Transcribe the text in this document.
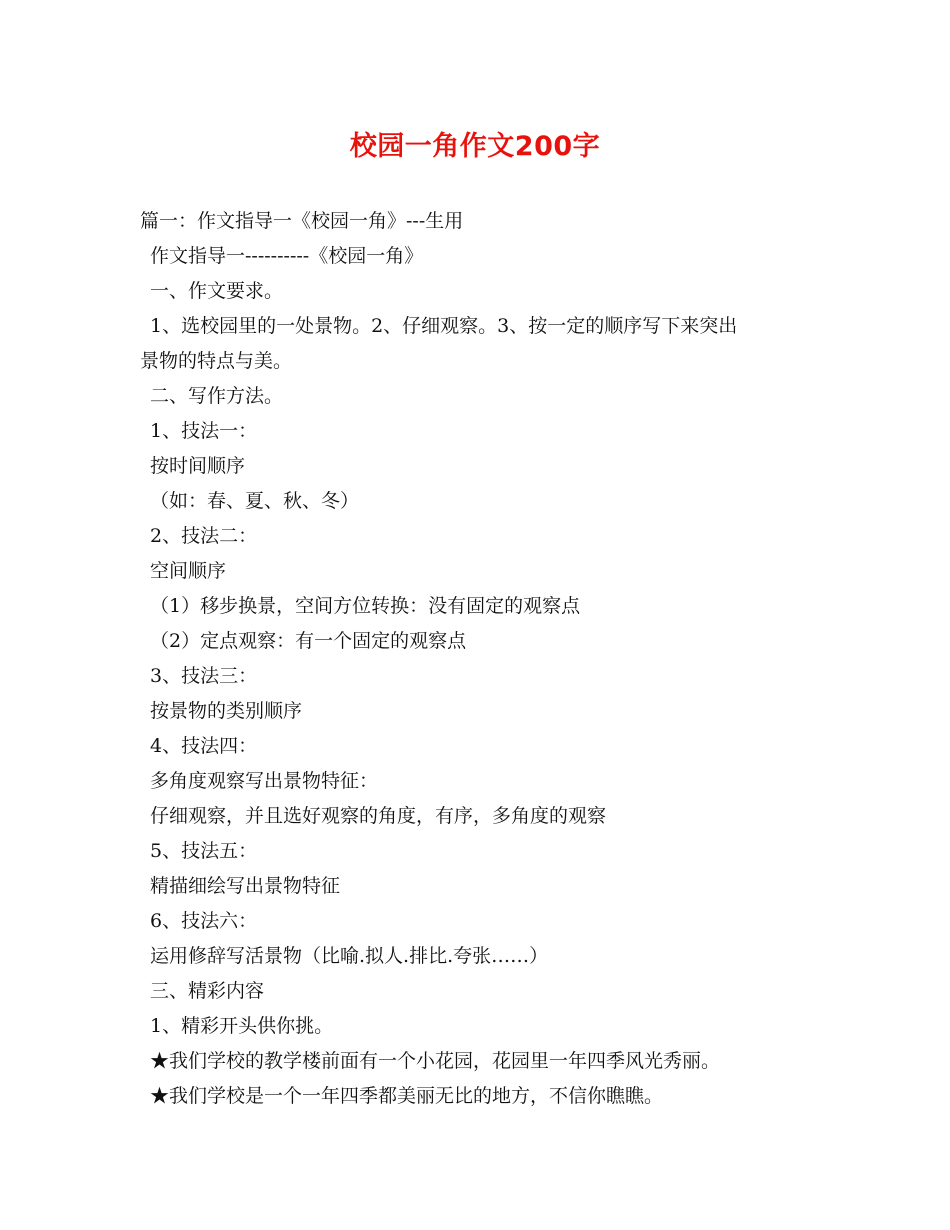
校园一角作文200字
篇一：作文指导一《校园一角》---生用
作文指导一----------《校园一角》
一、作文要求。
1、选校园里的一处景物。2、仔细观察。3、按一定的顺序写下来突出
景物的特点与美。
二、写作方法。
1、技法一：
按时间顺序
（如：春、夏、秋、冬）
2、技法二：
空间顺序
（1）移步换景，空间方位转换：没有固定的观察点
（2）定点观察：有一个固定的观察点
3、技法三：
按景物的类别顺序
4、技法四：
多角度观察写出景物特征：
仔细观察，并且选好观察的角度，有序，多角度的观察
5、技法五：
精描细绘写出景物特征
6、技法六：
运用修辞写活景物（比喻.拟人.排比.夸张……）
三、精彩内容
1、精彩开头供你挑。
★我们学校的教学楼前面有一个小花园，花园里一年四季风光秀丽。
★我们学校是一个一年四季都美丽无比的地方，不信你瞧瞧。
